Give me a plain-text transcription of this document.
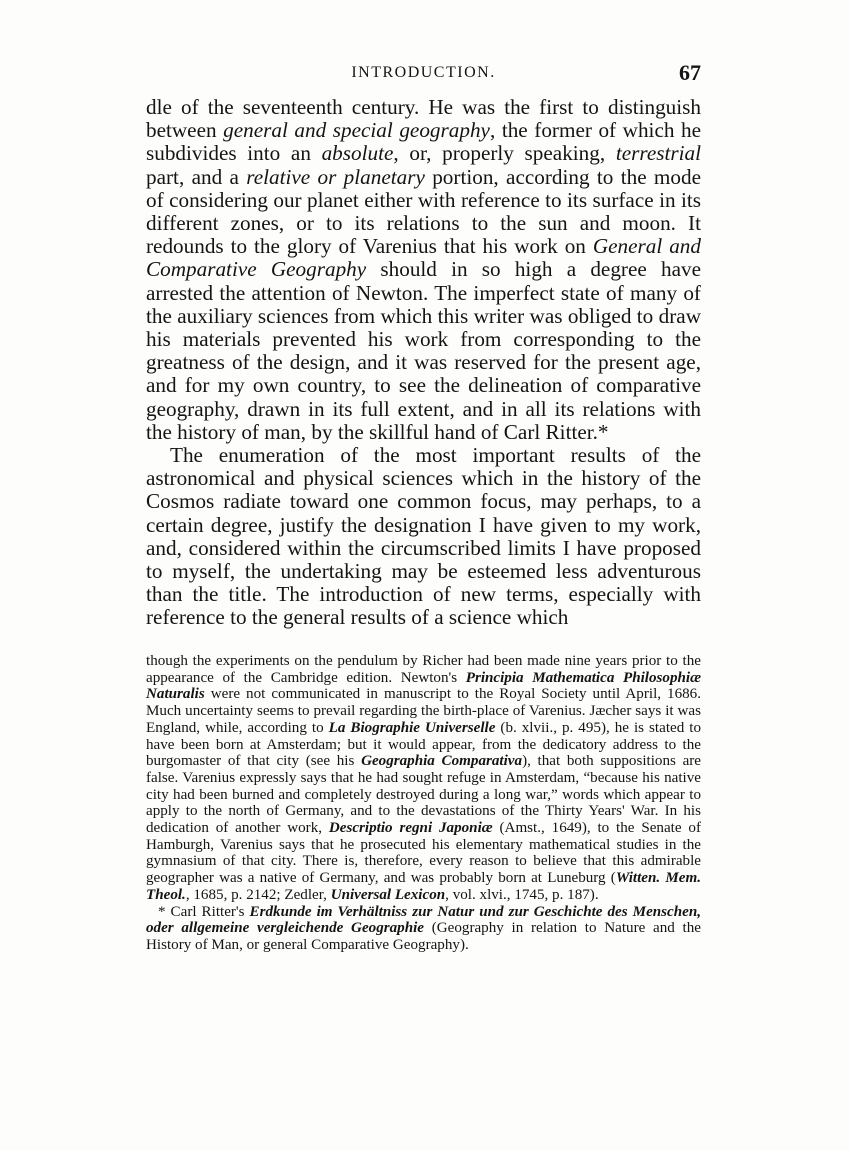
INTRODUCTION.	67

dle of the seventeenth century. He was the first to distinguish between general and special geography, the former of which he subdivides into an absolute, or, properly speaking, terrestrial part, and a relative or planetary portion, according to the mode of considering our planet either with reference to its surface in its different zones, or to its relations to the sun and moon. It redounds to the glory of Varenius that his work on General and Comparative Geography should in so high a degree have arrested the attention of Newton. The imperfect state of many of the auxiliary sciences from which this writer was obliged to draw his materials prevented his work from corresponding to the greatness of the design, and it was reserved for the present age, and for my own country, to see the delineation of comparative geography, drawn in its full extent, and in all its relations with the history of man, by the skillful hand of Carl Ritter.*

The enumeration of the most important results of the astronomical and physical sciences which in the history of the Cosmos radiate toward one common focus, may perhaps, to a certain degree, justify the designation I have given to my work, and, considered within the circumscribed limits I have proposed to myself, the undertaking may be esteemed less adventurous than the title. The introduction of new terms, especially with reference to the general results of a science which

though the experiments on the pendulum by Richer had been made nine years prior to the appearance of the Cambridge edition. Newton's Principia Mathematica Philosophiæ Naturalis were not communicated in manuscript to the Royal Society until April, 1686. Much uncertainty seems to prevail regarding the birth-place of Varenius. Jæcher says it was England, while, according to La Biographie Universelle (b. xlvii., p. 495), he is stated to have been born at Amsterdam; but it would appear, from the dedicatory address to the burgomaster of that city (see his Geographia Comparativa), that both suppositions are false. Varenius expressly says that he had sought refuge in Amsterdam, “because his native city had been burned and completely destroyed during a long war,” words which appear to apply to the north of Germany, and to the devastations of the Thirty Years' War. In his dedication of another work, Descriptio regni Japoniæ (Amst., 1649), to the Senate of Hamburgh, Varenius says that he prosecuted his elementary mathematical studies in the gymnasium of that city. There is, therefore, every reason to believe that this admirable geographer was a native of Germany, and was probably born at Luneburg (Witten. Mem. Theol., 1685, p. 2142; Zedler, Universal Lexicon, vol. xlvi., 1745, p. 187).

* Carl Ritter's Erdkunde im Verhältniss zur Natur und zur Geschichte des Menschen, oder allgemeine vergleichende Geographie (Geography in relation to Nature and the History of Man, or general Comparative Geography).
